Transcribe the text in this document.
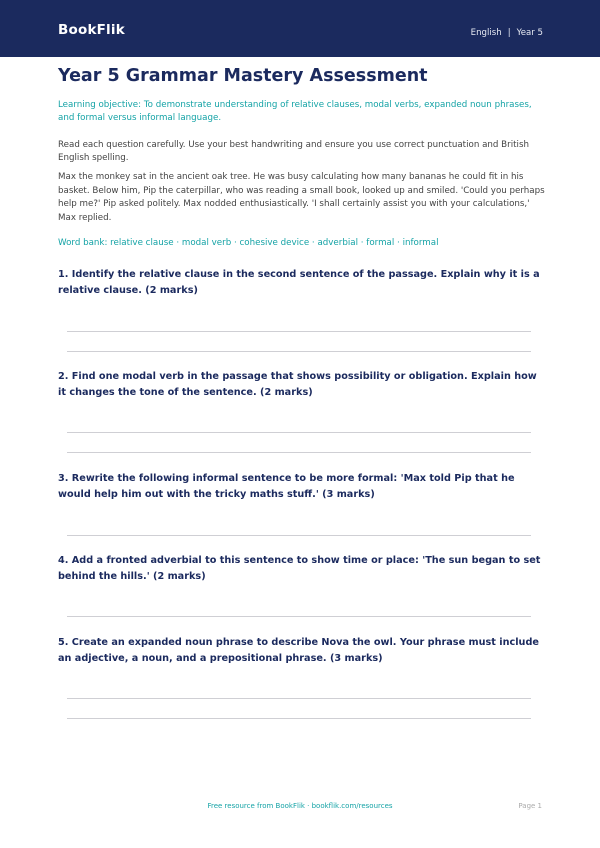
BookFlik	English | Year 5
Year 5 Grammar Mastery Assessment

Learning objective: To demonstrate understanding of relative clauses, modal verbs, expanded noun phrases, and formal versus informal language.

Read each question carefully. Use your best handwriting and ensure you use correct punctuation and British English spelling.

Max the monkey sat in the ancient oak tree. He was busy calculating how many bananas he could fit in his basket. Below him, Pip the caterpillar, who was reading a small book, looked up and smiled. 'Could you perhaps help me?' Pip asked politely. Max nodded enthusiastically. 'I shall certainly assist you with your calculations,' Max replied.

Word bank: relative clause · modal verb · cohesive device · adverbial · formal · informal

1. Identify the relative clause in the second sentence of the passage. Explain why it is a relative clause. (2 marks)

2. Find one modal verb in the passage that shows possibility or obligation. Explain how it changes the tone of the sentence. (2 marks)

3. Rewrite the following informal sentence to be more formal: 'Max told Pip that he would help him out with the tricky maths stuff.' (3 marks)

4. Add a fronted adverbial to this sentence to show time or place: 'The sun began to set behind the hills.' (2 marks)

5. Create an expanded noun phrase to describe Nova the owl. Your phrase must include an adjective, a noun, and a prepositional phrase. (3 marks)

Free resource from BookFlik · bookflik.com/resources	Page 1
